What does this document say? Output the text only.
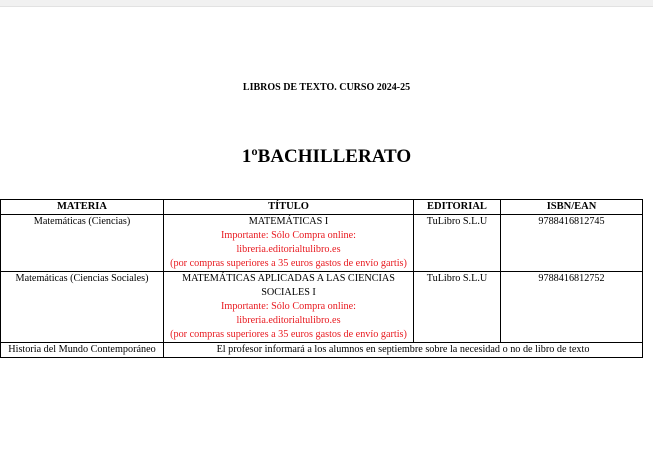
LIBROS DE TEXTO. CURSO 2024-25
1ºBACHILLERATO
MATERIA	TÍTULO	EDITORIAL	ISBN/EAN
Matemáticas (Ciencias)	MATEMÁTICAS I
Importante: Sólo Compra online:
libreria.editorialtulibro.es
(por compras superiores a 35 euros gastos de envío gartis)	TuLibro S.L.U	9788416812745
Matemáticas (Ciencias Sociales)	MATEMÁTICAS APLICADAS A LAS CIENCIAS SOCIALES I
Importante: Sólo Compra online:
libreria.editorialtulibro.es
(por compras superiores a 35 euros gastos de envío gartis)	TuLibro S.L.U	9788416812752
Historia del Mundo Contemporáneo	El profesor informará a los alumnos en septiembre sobre la necesidad o no de libro de texto		
